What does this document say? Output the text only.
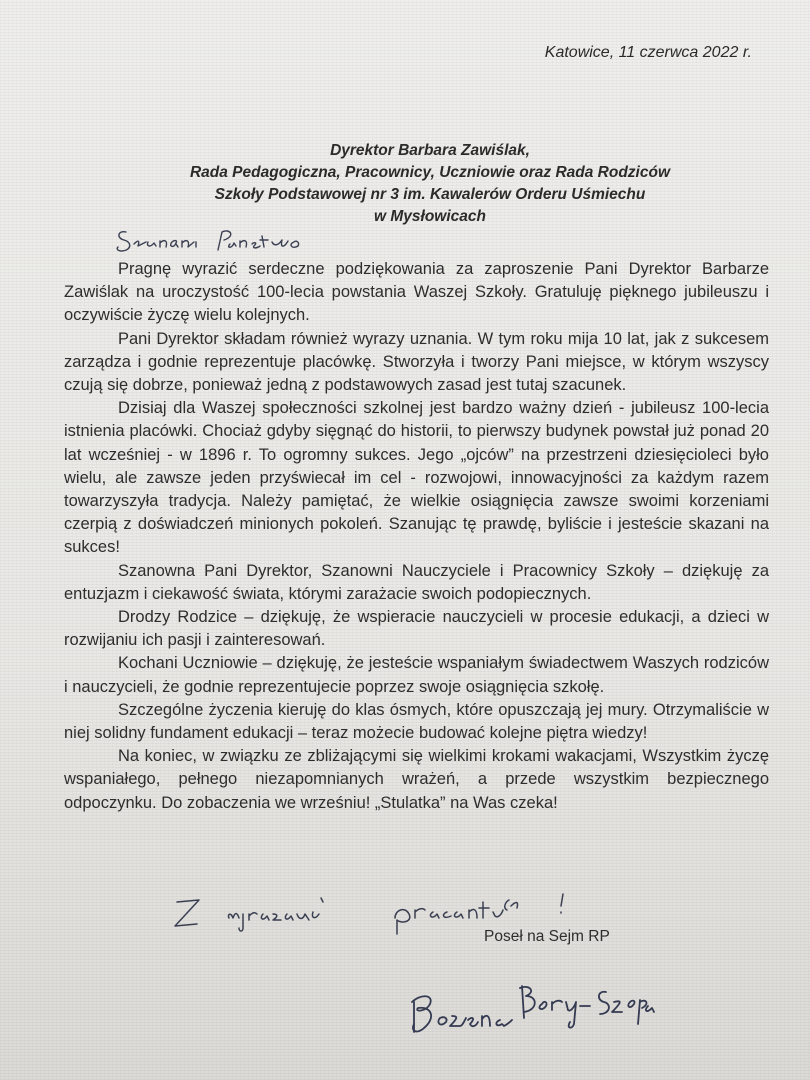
Katowice, 11 czerwca 2022 r.
Dyrektor Barbara Zawiślak,
Rada Pedagogiczna, Pracownicy, Uczniowie oraz Rada Rodziców
Szkoły Podstawowej nr 3 im. Kawalerów Orderu Uśmiechu
w Mysłowicach

Pragnę wyrazić serdeczne podziękowania za zaproszenie Pani Dyrektor Barbarze Zawiślak na uroczystość 100-lecia powstania Waszej Szkoły. Gratuluję pięknego jubileuszu i oczywiście życzę wielu kolejnych.

Pani Dyrektor składam również wyrazy uznania. W tym roku mija 10 lat, jak z sukcesem zarządza i godnie reprezentuje placówkę. Stworzyła i tworzy Pani miejsce, w którym wszyscy czują się dobrze, ponieważ jedną z podstawowych zasad jest tutaj szacunek.

Dzisiaj dla Waszej społeczności szkolnej jest bardzo ważny dzień - jubileusz 100-lecia istnienia placówki. Chociaż gdyby sięgnąć do historii, to pierwszy budynek powstał już ponad 20 lat wcześniej - w 1896 r. To ogromny sukces. Jego „ojców” na przestrzeni dziesięcioleci było wielu, ale zawsze jeden przyświecał im cel - rozwojowi, innowacyjności za każdym razem towarzyszyła tradycja. Należy pamiętać, że wielkie osiągnięcia zawsze swoimi korzeniami czerpią z doświadczeń minionych pokoleń. Szanując tę prawdę, byliście i jesteście skazani na sukces!

Szanowna Pani Dyrektor, Szanowni Nauczyciele i Pracownicy Szkoły – dziękuję za entuzjazm i ciekawość świata, którymi zarażacie swoich podopiecznych.

Drodzy Rodzice – dziękuję, że wspieracie nauczycieli w procesie edukacji, a dzieci w rozwijaniu ich pasji i zainteresowań.

Kochani Uczniowie – dziękuję, że jesteście wspaniałym świadectwem Waszych rodziców i nauczycieli, że godnie reprezentujecie poprzez swoje osiągnięcia szkołę.

Szczególne życzenia kieruję do klas ósmych, które opuszczają jej mury. Otrzymaliście w niej solidny fundament edukacji – teraz możecie budować kolejne piętra wiedzy!

Na koniec, w związku ze zbliżającymi się wielkimi krokami wakacjami, Wszystkim życzę wspaniałego, pełnego niezapomnianych wrażeń, a przede wszystkim bezpiecznego odpoczynku. Do zobaczenia we wrześniu! „Stulatka” na Was czeka!

Poseł na Sejm RP
